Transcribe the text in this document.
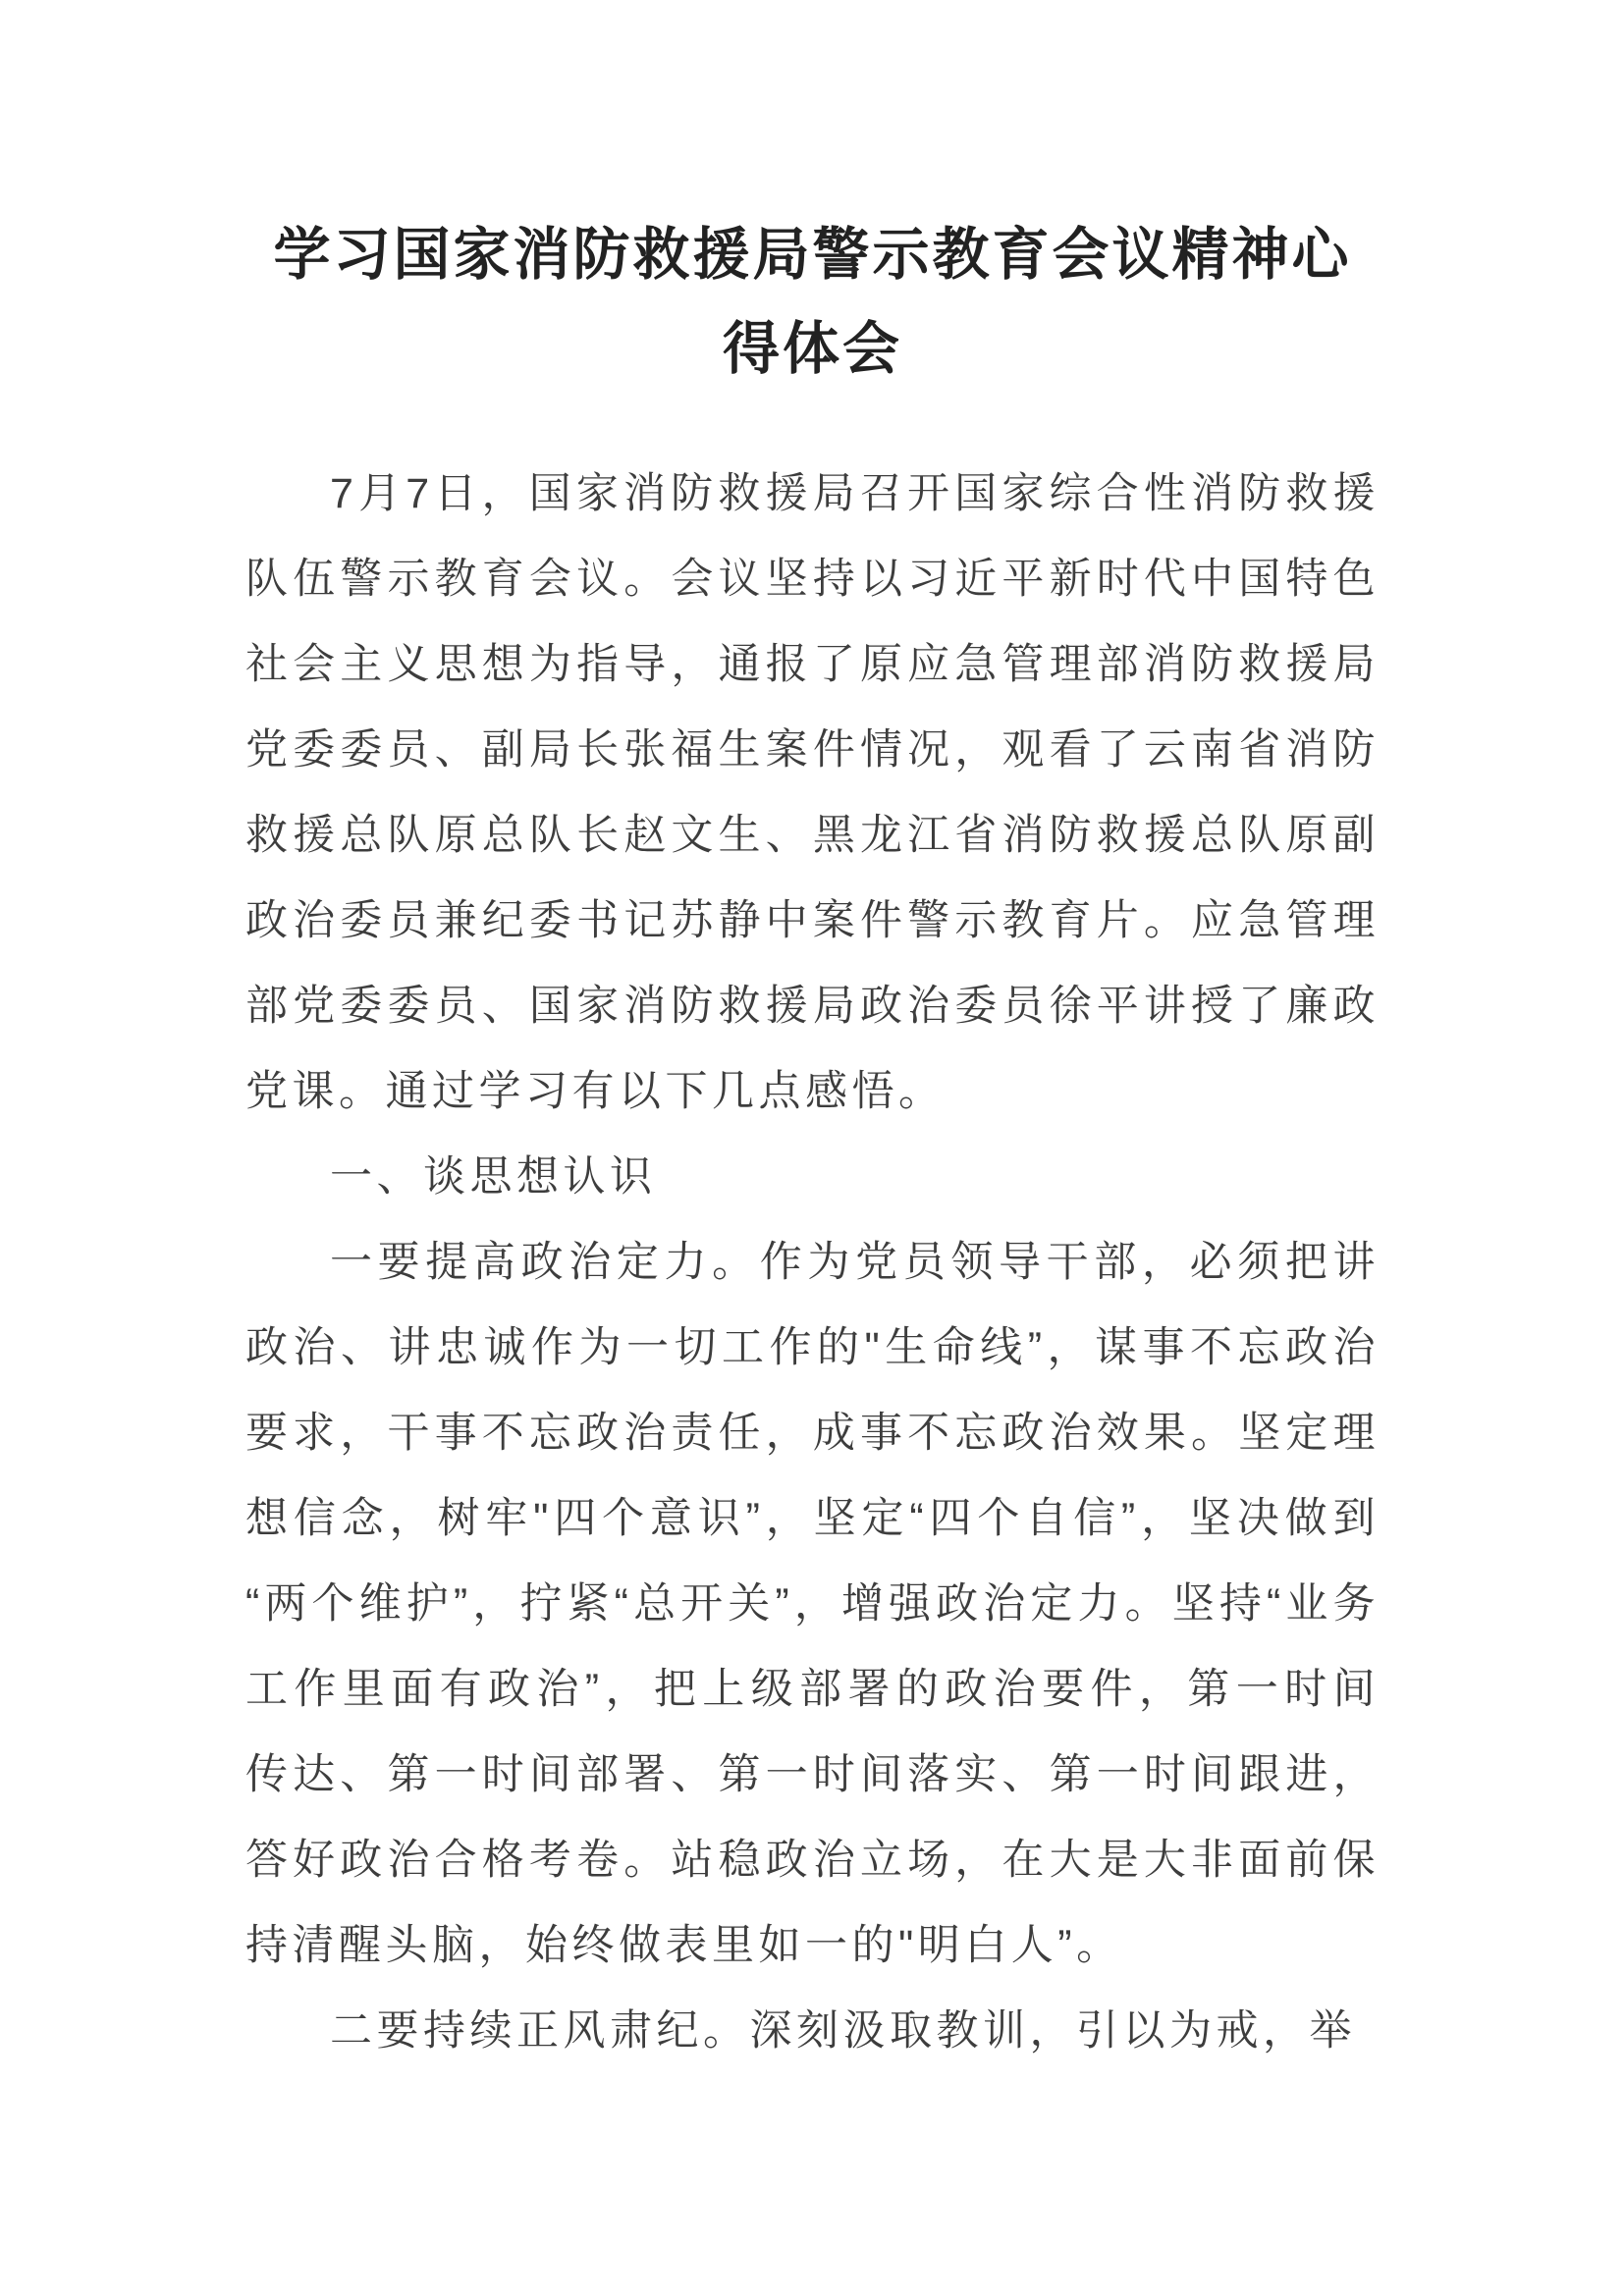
学习国家消防救援局警示教育会议精神心得体会

7月7日，国家消防救援局召开国家综合性消防救援队伍警示教育会议。会议坚持以习近平新时代中国特色社会主义思想为指导，通报了原应急管理部消防救援局党委委员、副局长张福生案件情况，观看了云南省消防救援总队原总队长赵文生、黑龙江省消防救援总队原副政治委员兼纪委书记苏静中案件警示教育片。应急管理部党委委员、国家消防救援局政治委员徐平讲授了廉政党课。通过学习有以下几点感悟。

一、谈思想认识

一要提高政治定力。作为党员领导干部，必须把讲政治、讲忠诚作为一切工作的"生命线”，谋事不忘政治要求，干事不忘政治责任，成事不忘政治效果。坚定理想信念，树牢"四个意识”，坚定“四个自信”，坚决做到“两个维护”，拧紧“总开关”，增强政治定力。坚持“业务工作里面有政治”，把上级部署的政治要件，第一时间传达、第一时间部署、第一时间落实、第一时间跟进，答好政治合格考卷。站稳政治立场，在大是大非面前保持清醒头脑，始终做表里如一的"明白人”。

二要持续正风肃纪。深刻汲取教训，引以为戒，举
